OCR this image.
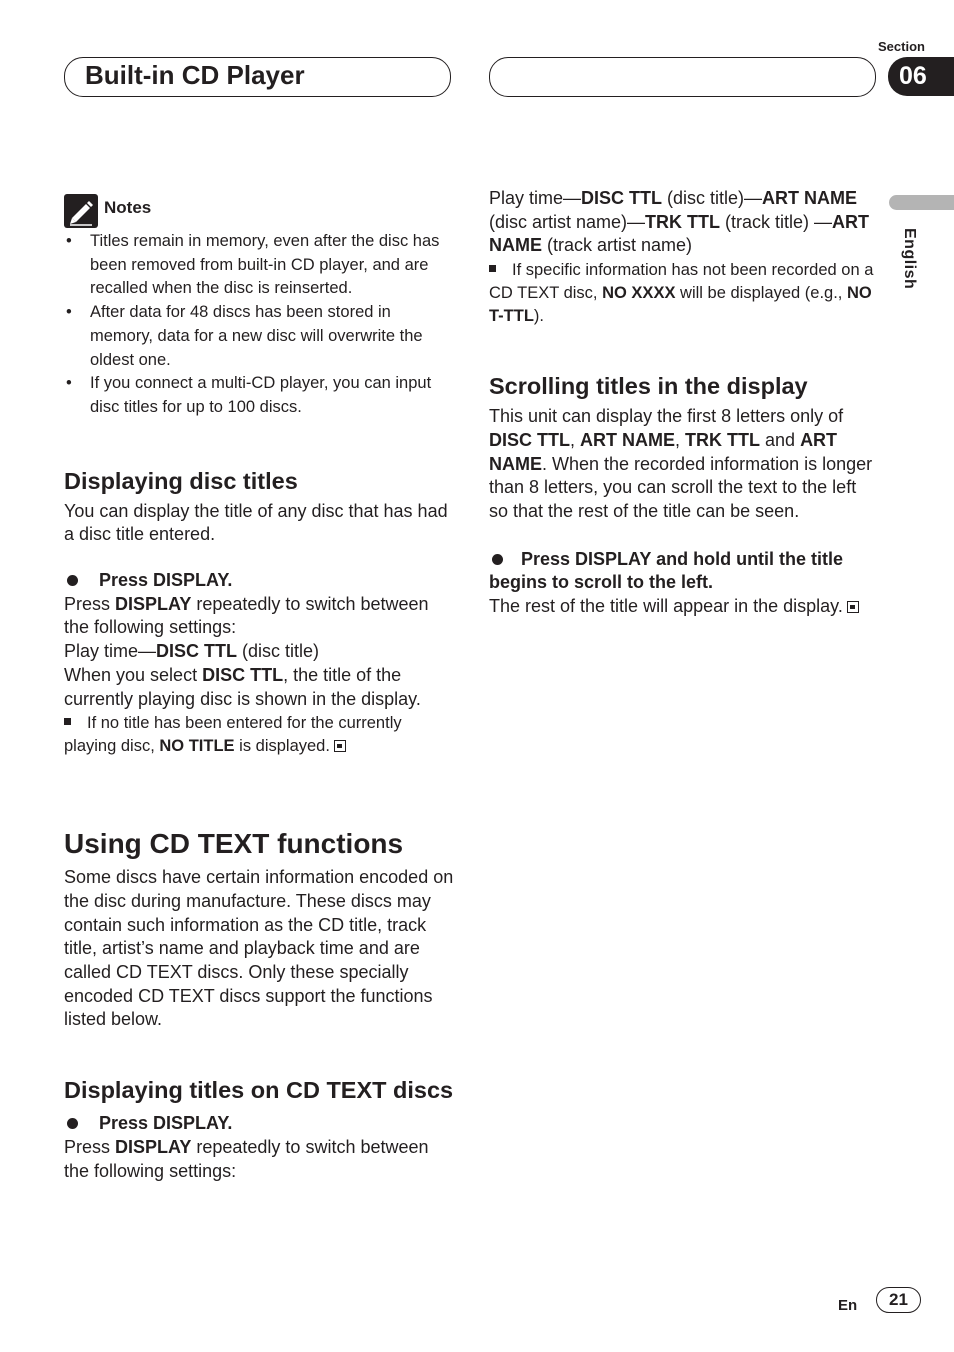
Built-in CD Player
Section
06
English
Notes
• Titles remain in memory, even after the disc has been removed from built-in CD player, and are recalled when the disc is reinserted.
• After data for 48 discs has been stored in memory, data for a new disc will overwrite the oldest one.
• If you connect a multi-CD player, you can input disc titles for up to 100 discs.
Displaying disc titles

You can display the title of any disc that has had a disc title entered.

Press DISPLAY.

Press DISPLAY repeatedly to switch between the following settings:

Play time—DISC TTL (disc title)

When you select DISC TTL, the title of the currently playing disc is shown in the display.

If no title has been entered for the currently playing disc, NO TITLE is displayed.

Using CD TEXT functions

Some discs have certain information encoded on the disc during manufacture. These discs may contain such information as the CD title, track title, artist’s name and playback time and are called CD TEXT discs. Only these specially encoded CD TEXT discs support the functions listed below.

Displaying titles on CD TEXT discs

Press DISPLAY.

Press DISPLAY repeatedly to switch between the following settings:

Play time—DISC TTL (disc title)—ART NAME (disc artist name)—TRK TTL (track title) —ART NAME (track artist name)

If specific information has not been recorded on a CD TEXT disc, NO XXXX will be displayed (e.g., NO T-TTL).

Scrolling titles in the display

This unit can display the first 8 letters only of DISC TTL, ART NAME, TRK TTL and ART NAME. When the recorded information is longer than 8 letters, you can scroll the text to the left so that the rest of the title can be seen.

Press DISPLAY and hold until the title begins to scroll to the left.

The rest of the title will appear in the display.

En	21
